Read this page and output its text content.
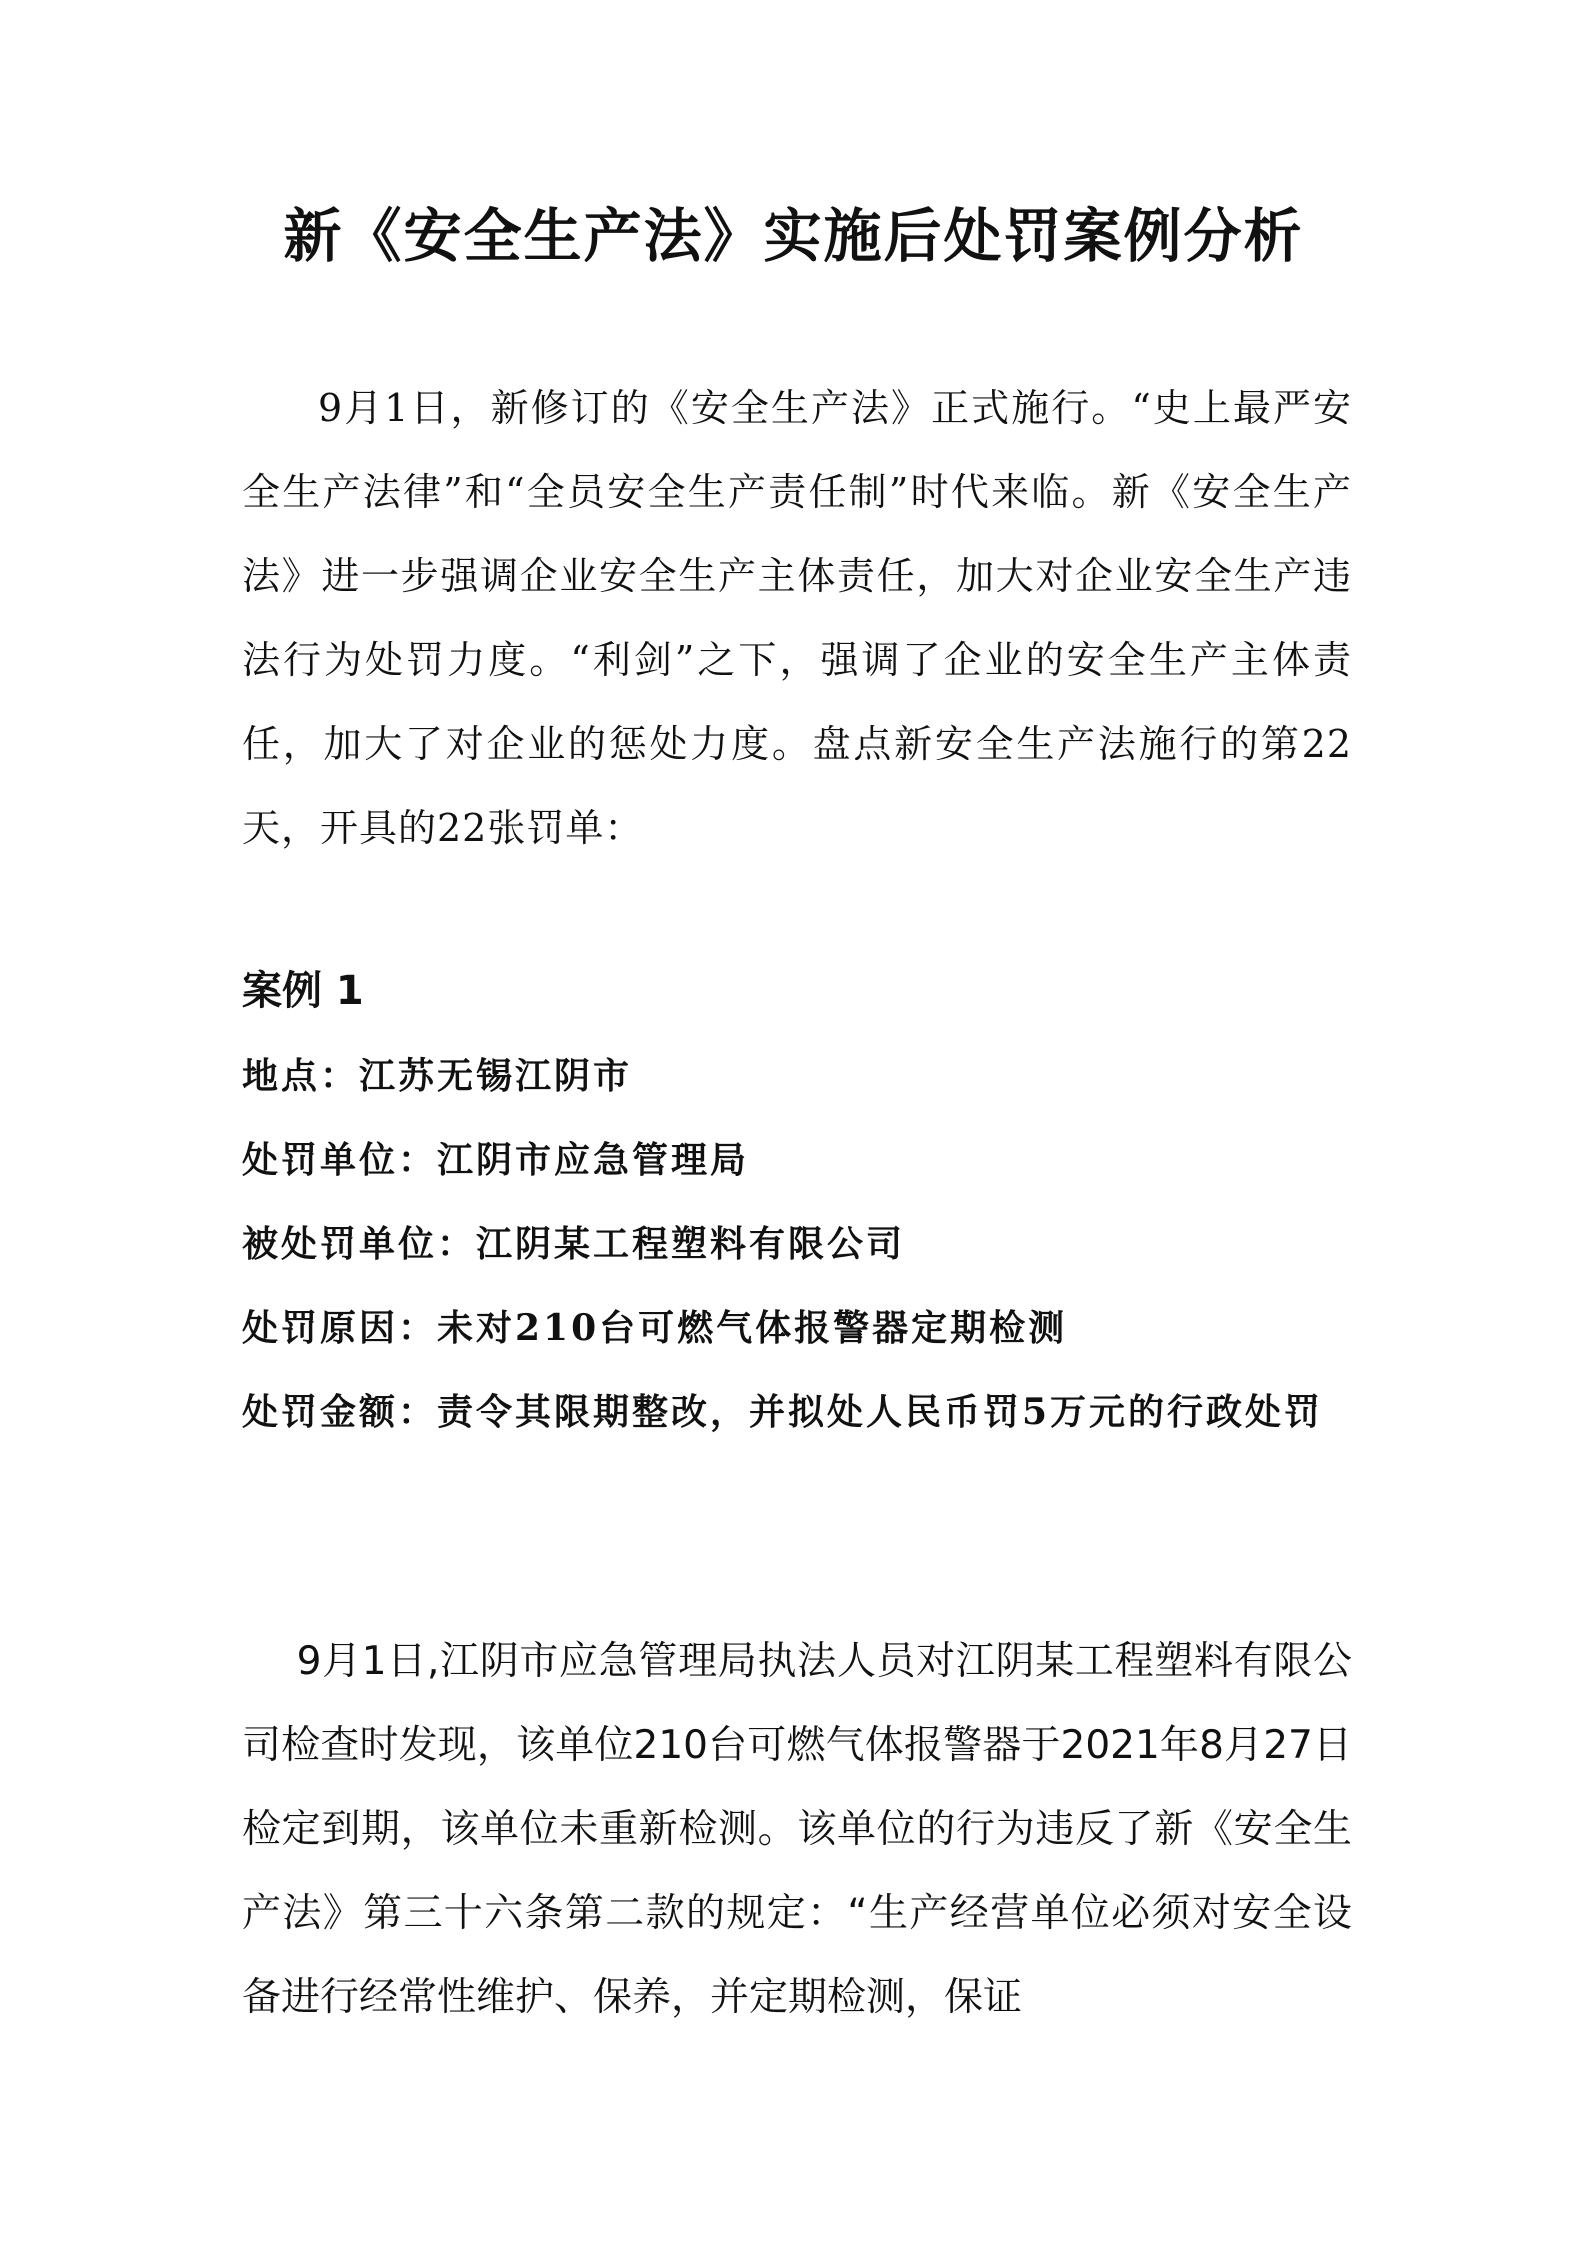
新《安全生产法》实施后处罚案例分析

9月1日，新修订的《安全生产法》正式施行。“史上最严安全生产法律”和“全员安全生产责任制”时代来临。新《安全生产法》进一步强调企业安全生产主体责任，加大对企业安全生产违法行为处罚力度。“利剑”之下，强调了企业的安全生产主体责任，加大了对企业的惩处力度。盘点新安全生产法施行的第22天，开具的22张罚单：

案例 1
地点：江苏无锡江阴市
处罚单位：江阴市应急管理局
被处罚单位：江阴某工程塑料有限公司
处罚原因：未对210台可燃气体报警器定期检测
处罚金额：责令其限期整改，并拟处人民币罚5万元的行政处罚

9月1日,江阴市应急管理局执法人员对江阴某工程塑料有限公司检查时发现，该单位210台可燃气体报警器于2021年8月27日检定到期，该单位未重新检测。该单位的行为违反了新《安全生产法》第三十六条第二款的规定：“生产经营单位必须对安全设备进行经常性维护、保养，并定期检测，保证
